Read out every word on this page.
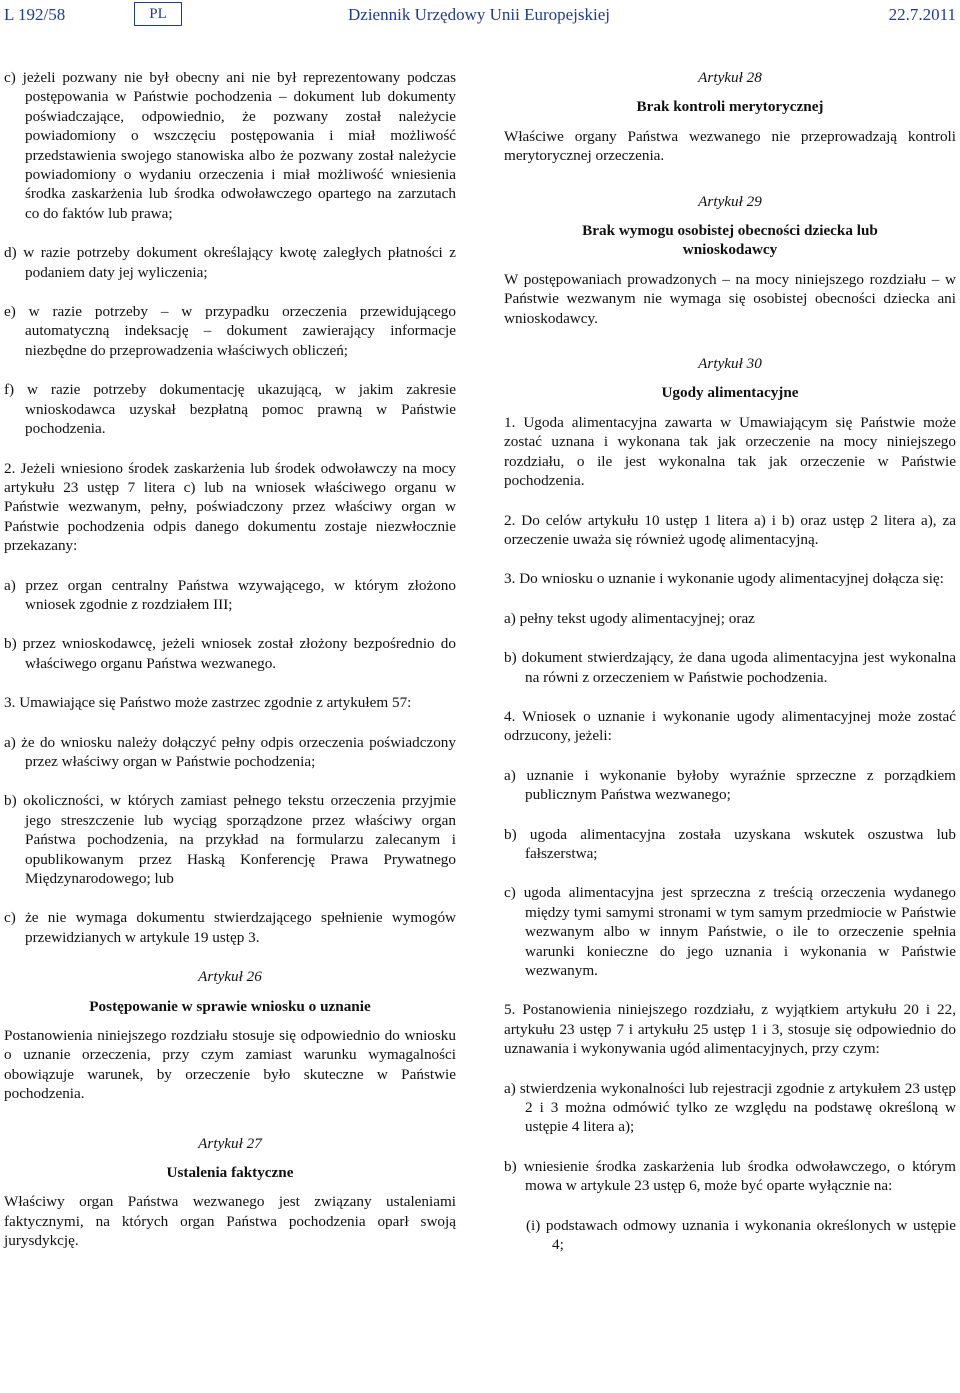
L 192/58	PL	Dziennik Urzędowy Unii Europejskiej	22.7.2011

c) jeżeli pozwany nie był obecny ani nie był reprezentowany podczas postępowania w Państwie pochodzenia – dokument lub dokumenty poświadczające, odpowiednio, że pozwany został należycie powiadomiony o wszczęciu postępowania i miał możliwość przedstawienia swojego stanowiska albo że pozwany został należycie powiadomiony o wydaniu orzeczenia i miał możliwość wniesienia środka zaskarżenia lub środka odwoławczego opartego na zarzutach co do faktów lub prawa;

d) w razie potrzeby dokument określający kwotę zaległych płatności z podaniem daty jej wyliczenia;

e) w razie potrzeby – w przypadku orzeczenia przewidującego automatyczną indeksację – dokument zawierający informacje niezbędne do przeprowadzenia właściwych obliczeń;

f) w razie potrzeby dokumentację ukazującą, w jakim zakresie wnioskodawca uzyskał bezpłatną pomoc prawną w Państwie pochodzenia.

2. Jeżeli wniesiono środek zaskarżenia lub środek odwoławczy na mocy artykułu 23 ustęp 7 litera c) lub na wniosek właściwego organu w Państwie wezwanym, pełny, poświadczony przez właściwy organ w Państwie pochodzenia odpis danego dokumentu zostaje niezwłocznie przekazany:

a) przez organ centralny Państwa wzywającego, w którym złożono wniosek zgodnie z rozdziałem III;

b) przez wnioskodawcę, jeżeli wniosek został złożony bezpośrednio do właściwego organu Państwa wezwanego.

3. Umawiające się Państwo może zastrzec zgodnie z artykułem 57:

a) że do wniosku należy dołączyć pełny odpis orzeczenia poświadczony przez właściwy organ w Państwie pochodzenia;

b) okoliczności, w których zamiast pełnego tekstu orzeczenia przyjmie jego streszczenie lub wyciąg sporządzone przez właściwy organ Państwa pochodzenia, na przykład na formularzu zalecanym i opublikowanym przez Haską Konferencję Prawa Prywatnego Międzynarodowego; lub

c) że nie wymaga dokumentu stwierdzającego spełnienie wymogów przewidzianych w artykule 19 ustęp 3.

Artykuł 26

Postępowanie w sprawie wniosku o uznanie

Postanowienia niniejszego rozdziału stosuje się odpowiednio do wniosku o uznanie orzeczenia, przy czym zamiast warunku wymagalności obowiązuje warunek, by orzeczenie było skuteczne w Państwie pochodzenia.

Artykuł 27

Ustalenia faktyczne

Właściwy organ Państwa wezwanego jest związany ustaleniami faktycznymi, na których organ Państwa pochodzenia oparł swoją jurysdykcję.

Artykuł 28

Brak kontroli merytorycznej

Właściwe organy Państwa wezwanego nie przeprowadzają kontroli merytorycznej orzeczenia.

Artykuł 29

Brak wymogu osobistej obecności dziecka lub wnioskodawcy

W postępowaniach prowadzonych – na mocy niniejszego rozdziału – w Państwie wezwanym nie wymaga się osobistej obecności dziecka ani wnioskodawcy.

Artykuł 30

Ugody alimentacyjne

1. Ugoda alimentacyjna zawarta w Umawiającym się Państwie może zostać uznana i wykonana tak jak orzeczenie na mocy niniejszego rozdziału, o ile jest wykonalna tak jak orzeczenie w Państwie pochodzenia.

2. Do celów artykułu 10 ustęp 1 litera a) i b) oraz ustęp 2 litera a), za orzeczenie uważa się również ugodę alimentacyjną.

3. Do wniosku o uznanie i wykonanie ugody alimentacyjnej dołącza się:

a) pełny tekst ugody alimentacyjnej; oraz

b) dokument stwierdzający, że dana ugoda alimentacyjna jest wykonalna na równi z orzeczeniem w Państwie pochodzenia.

4. Wniosek o uznanie i wykonanie ugody alimentacyjnej może zostać odrzucony, jeżeli:

a) uznanie i wykonanie byłoby wyraźnie sprzeczne z porządkiem publicznym Państwa wezwanego;

b) ugoda alimentacyjna została uzyskana wskutek oszustwa lub fałszerstwa;

c) ugoda alimentacyjna jest sprzeczna z treścią orzeczenia wydanego między tymi samymi stronami w tym samym przedmiocie w Państwie wezwanym albo w innym Państwie, o ile to orzeczenie spełnia warunki konieczne do jego uznania i wykonania w Państwie wezwanym.

5. Postanowienia niniejszego rozdziału, z wyjątkiem artykułu 20 i 22, artykułu 23 ustęp 7 i artykułu 25 ustęp 1 i 3, stosuje się odpowiednio do uznawania i wykonywania ugód alimentacyjnych, przy czym:

a) stwierdzenia wykonalności lub rejestracji zgodnie z artykułem 23 ustęp 2 i 3 można odmówić tylko ze względu na podstawę określoną w ustępie 4 litera a);

b) wniesienie środka zaskarżenia lub środka odwoławczego, o którym mowa w artykule 23 ustęp 6, może być oparte wyłącznie na:

(i) podstawach odmowy uznania i wykonania określonych w ustępie 4;
